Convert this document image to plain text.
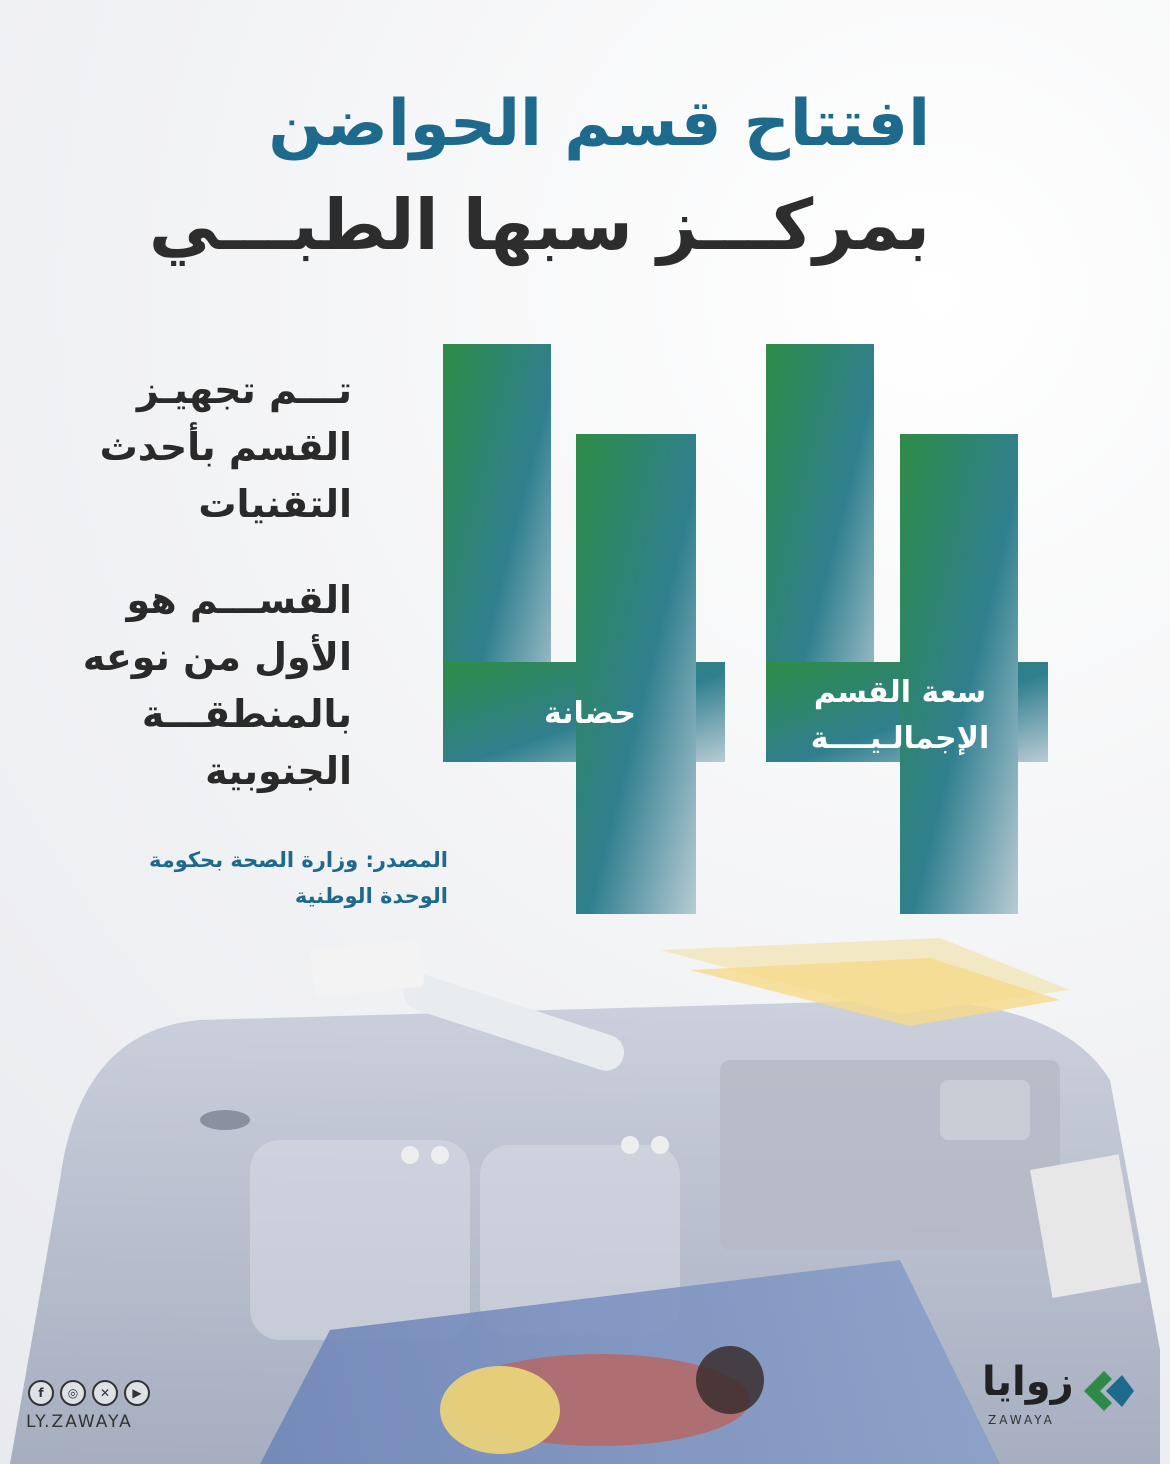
افتتاح قسم الحواضن
بمركـــز سبها الطبـــي
تـــم تجهيـز
القسم بأحدث
التقنيات
القســـم هو
الأول من نوعه
بالمنطقـــة
الجنوبية
المصدر: وزارة الصحة بحكومة
الوحدة الوطنية
حضانة
سعة القسم
الإجمالـيــــة
f	◎	✕	▶
LY.ZAWAYA
زوايا
ZAWAYA
